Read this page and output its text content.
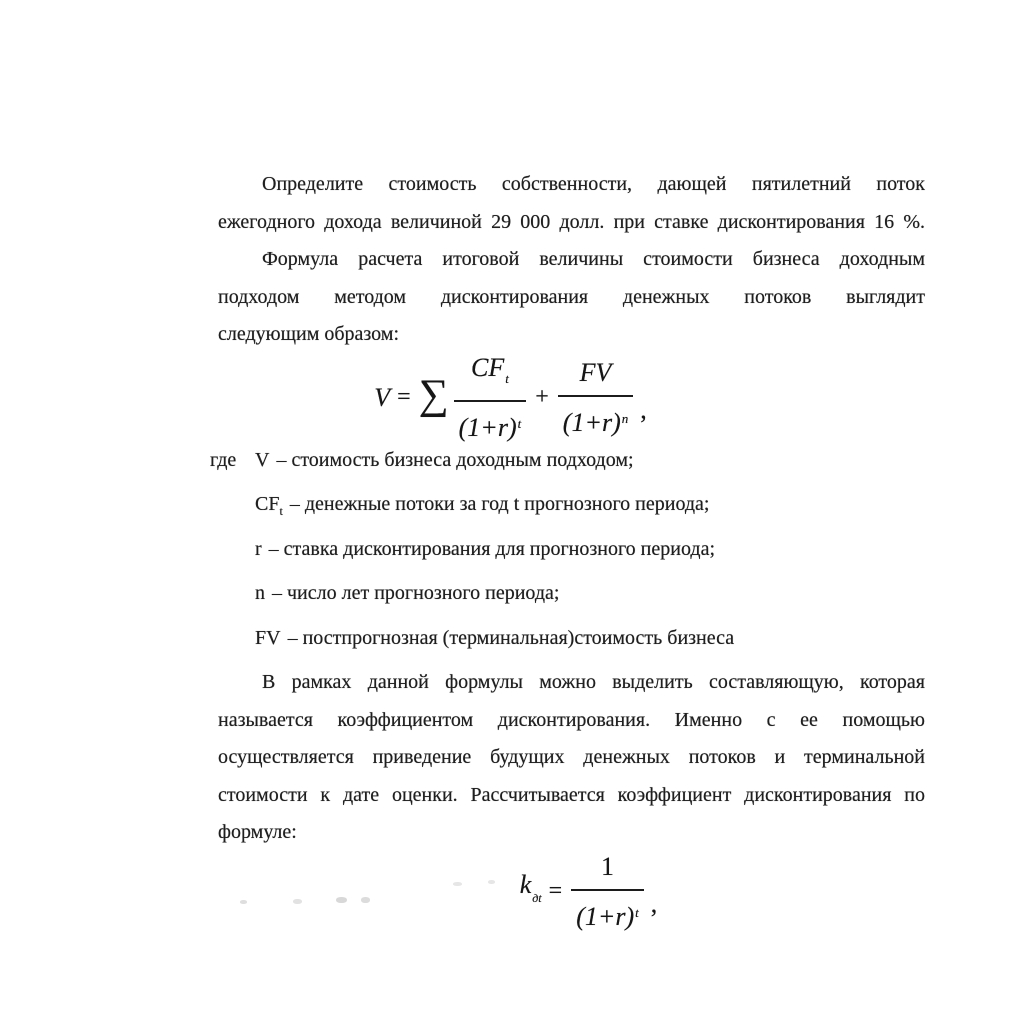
Определите стоимость собственности, дающей пятилетний поток
ежегодного дохода величиной 29 000 долл. при ставке дисконтирования 16 %.
Формула расчета итоговой величины стоимости бизнеса доходным
подходом методом дисконтирования денежных потоков выглядит
следующим образом:
V = ∑ $\frac{CF_t}{(1+r)^t} + \frac{FV}{(1+r)^n}$ ,
где V – стоимость бизнеса доходным подходом;
$CF_t$ – денежные потоки за год t прогнозного периода;
r – ставка дисконтирования для прогнозного периода;
n – число лет прогнозного периода;
FV – постпрогнозная (терминальная)стоимость бизнеса
В рамках данной формулы можно выделить составляющую, которая
называется коэффициентом дисконтирования. Именно с ее помощью
осуществляется приведение будущих денежных потоков и терминальной
стоимости к дате оценки. Рассчитывается коэффициент дисконтирования по
формуле:
$k_{дt} = \frac{1}{(1+r)^t}$ ,
